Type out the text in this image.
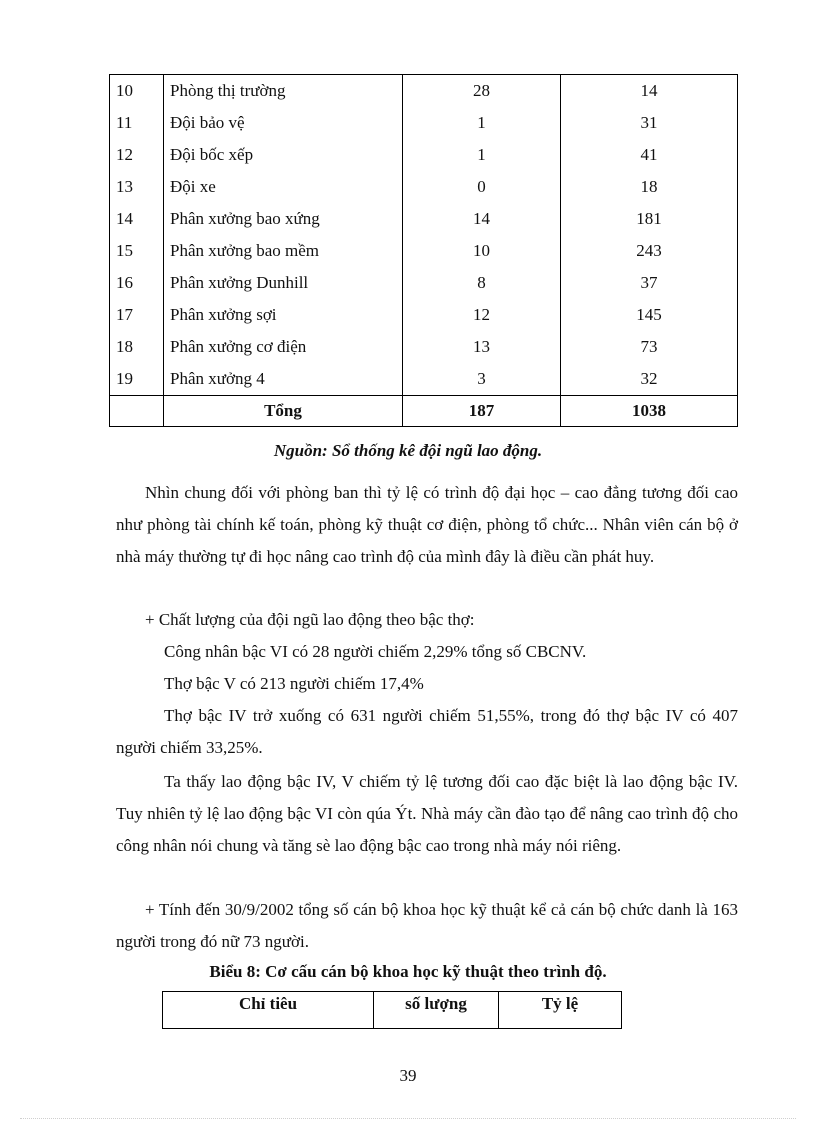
10	Phòng thị trường	28	14
11	Đội bảo vệ	1	31
12	Đội bốc xếp	1	41
13	Đội xe	0	18
14	Phân xưởng bao xứng	14	181
15	Phân xưởng bao mềm	10	243
16	Phân xưởng Dunhill	8	37
17	Phân xưởng sợi	12	145
18	Phân xưởng cơ điện	13	73
19	Phân xưởng 4	3	32
	Tổng	187	1038
Nguồn: Sổ thống kê đội ngũ lao động.

Nhìn chung đối với phòng ban thì tỷ lệ có trình độ đại học – cao đẳng tương đối cao như phòng tài chính kế toán, phòng kỹ thuật cơ điện, phòng tổ chức... Nhân viên cán bộ ở nhà máy thường tự đi học nâng cao trình độ của mình đây là điều cần phát huy.

+ Chất lượng của đội ngũ lao động theo bậc thợ:

Công nhân bậc VI có 28 người chiếm 2,29% tổng số CBCNV.

Thợ bậc V có 213 người chiếm 17,4%

Thợ bậc IV trở xuống có 631 người chiếm 51,55%, trong đó thợ bậc IV có 407 người chiếm 33,25%.

Ta thấy lao động bậc IV, V chiếm tỷ lệ tương đối cao đặc biệt là lao động bậc IV. Tuy nhiên tỷ lệ lao động bậc VI còn qúa Ýt. Nhà máy cần đào tạo để nâng cao trình độ cho công nhân nói chung và tăng sè lao động bậc cao trong nhà máy nói riêng.

+ Tính đến 30/9/2002 tổng số cán bộ khoa học kỹ thuật kể cả cán bộ chức danh là 163 người trong đó nữ 73 người.

Biểu 8: Cơ cấu cán bộ khoa học kỹ thuật theo trình độ.
Chỉ tiêu	số lượng	Tỷ lệ
39
